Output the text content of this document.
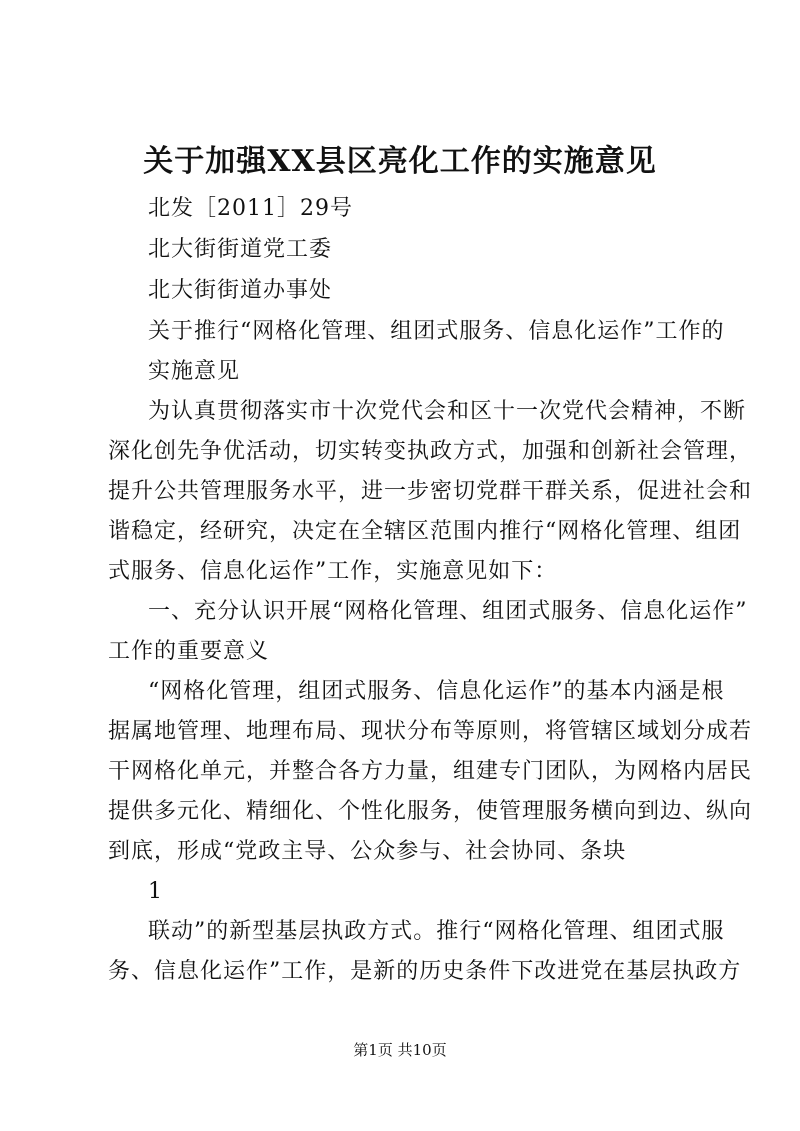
关于加强XX县区亮化工作的实施意见
北发［2011］29号
北大街街道党工委
北大街街道办事处
关于推行“网格化管理、组团式服务、信息化运作”工作的
实施意见
为认真贯彻落实市十次党代会和区十一次党代会精神，不断
深化创先争优活动，切实转变执政方式，加强和创新社会管理，
提升公共管理服务水平，进一步密切党群干群关系，促进社会和
谐稳定，经研究，决定在全辖区范围内推行“网格化管理、组团
式服务、信息化运作”工作，实施意见如下：
一、充分认识开展“网格化管理、组团式服务、信息化运作”
工作的重要意义
“网格化管理，组团式服务、信息化运作”的基本内涵是根
据属地管理、地理布局、现状分布等原则，将管辖区域划分成若
干网格化单元，并整合各方力量，组建专门团队，为网格内居民
提供多元化、精细化、个性化服务，使管理服务横向到边、纵向
到底，形成“党政主导、公众参与、社会协同、条块
1
联动”的新型基层执政方式。推行“网格化管理、组团式服
务、信息化运作”工作，是新的历史条件下改进党在基层执政方
第1页 共10页
